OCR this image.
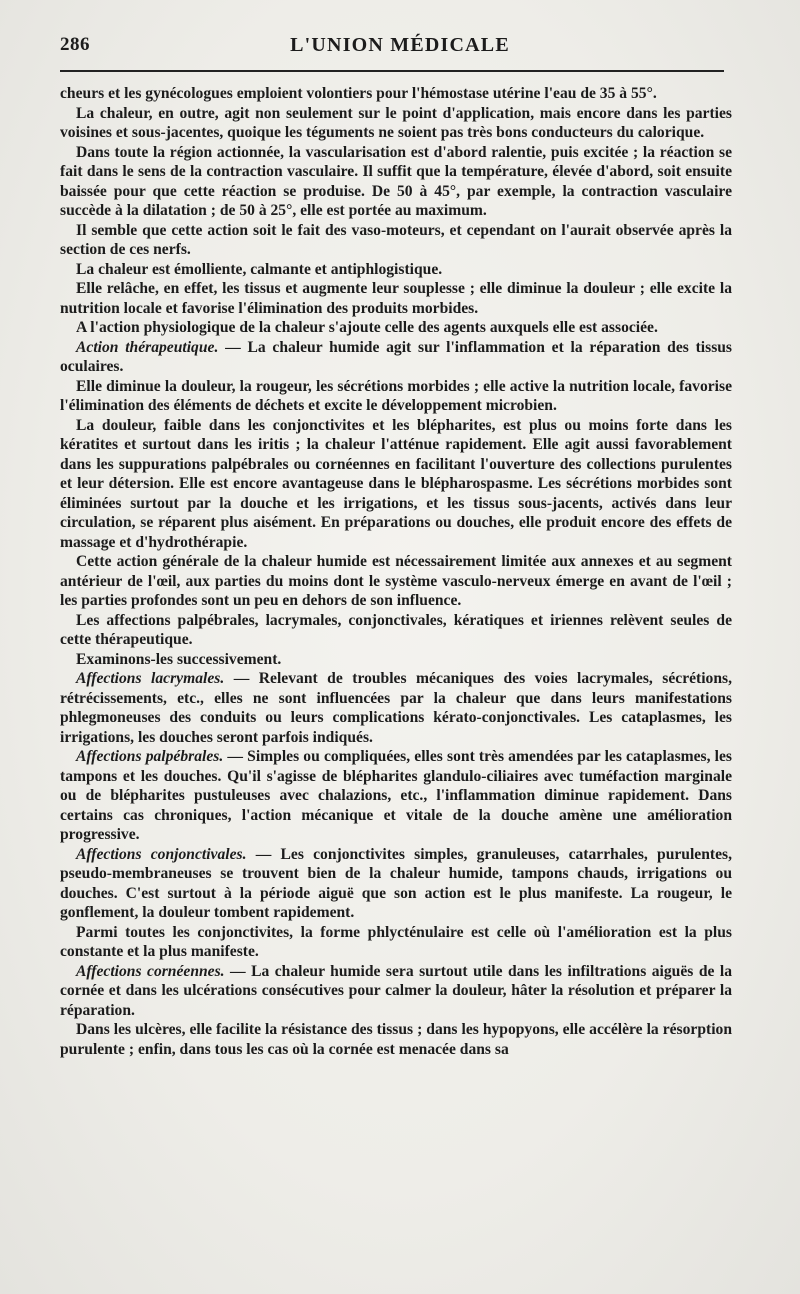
286	L'UNION MÉDICALE

cheurs et les gynécologues emploient volontiers pour l'hémostase utérine l'eau de 35 à 55°.

La chaleur, en outre, agit non seulement sur le point d'application, mais encore dans les parties voisines et sous-jacentes, quoique les téguments ne soient pas très bons conducteurs du calorique.

Dans toute la région actionnée, la vascularisation est d'abord ralentie, puis excitée ; la réaction se fait dans le sens de la contraction vasculaire. Il suffit que la température, élevée d'abord, soit ensuite baissée pour que cette réaction se produise. De 50 à 45°, par exemple, la contraction vasculaire succède à la dilatation ; de 50 à 25°, elle est portée au maximum.

Il semble que cette action soit le fait des vaso-moteurs, et cependant on l'aurait observée après la section de ces nerfs.

La chaleur est émolliente, calmante et antiphlogistique.

Elle relâche, en effet, les tissus et augmente leur souplesse ; elle diminue la douleur ; elle excite la nutrition locale et favorise l'élimination des produits morbides.

A l'action physiologique de la chaleur s'ajoute celle des agents auxquels elle est associée.

Action thérapeutique. — La chaleur humide agit sur l'inflammation et la réparation des tissus oculaires.

Elle diminue la douleur, la rougeur, les sécrétions morbides ; elle active la nutrition locale, favorise l'élimination des éléments de déchets et excite le développement microbien.

La douleur, faible dans les conjonctivites et les blépharites, est plus ou moins forte dans les kératites et surtout dans les iritis ; la chaleur l'atténue rapidement. Elle agit aussi favorablement dans les suppurations palpébrales ou cornéennes en facilitant l'ouverture des collections purulentes et leur détersion. Elle est encore avantageuse dans le blépharospasme. Les sécrétions morbides sont éliminées surtout par la douche et les irrigations, et les tissus sous-jacents, activés dans leur circulation, se réparent plus aisément. En préparations ou douches, elle produit encore des effets de massage et d'hydrothérapie.

Cette action générale de la chaleur humide est nécessairement limitée aux annexes et au segment antérieur de l'œil, aux parties du moins dont le système vasculo-nerveux émerge en avant de l'œil ; les parties profondes sont un peu en dehors de son influence.

Les affections palpébrales, lacrymales, conjonctivales, kératiques et iriennes relèvent seules de cette thérapeutique.

Examinons-les successivement.

Affections lacrymales. — Relevant de troubles mécaniques des voies lacrymales, sécrétions, rétrécissements, etc., elles ne sont influencées par la chaleur que dans leurs manifestations phlegmoneuses des conduits ou leurs complications kérato-conjonctivales. Les cataplasmes, les irrigations, les douches seront parfois indiqués.

Affections palpébrales. — Simples ou compliquées, elles sont très amendées par les cataplasmes, les tampons et les douches. Qu'il s'agisse de blépharites glandulo-ciliaires avec tuméfaction marginale ou de blépharites pustuleuses avec chalazions, etc., l'inflammation diminue rapidement. Dans certains cas chroniques, l'action mécanique et vitale de la douche amène une amélioration progressive.

Affections conjonctivales. — Les conjonctivites simples, granuleuses, catarrhales, purulentes, pseudo-membraneuses se trouvent bien de la chaleur humide, tampons chauds, irrigations ou douches. C'est surtout à la période aiguë que son action est le plus manifeste. La rougeur, le gonflement, la douleur tombent rapidement.

Parmi toutes les conjonctivites, la forme phlycténulaire est celle où l'amélioration est la plus constante et la plus manifeste.

Affections cornéennes. — La chaleur humide sera surtout utile dans les infiltrations aiguës de la cornée et dans les ulcérations consécutives pour calmer la douleur, hâter la résolution et préparer la réparation.

Dans les ulcères, elle facilite la résistance des tissus ; dans les hypopyons, elle accélère la résorption purulente ; enfin, dans tous les cas où la cornée est menacée dans sa
